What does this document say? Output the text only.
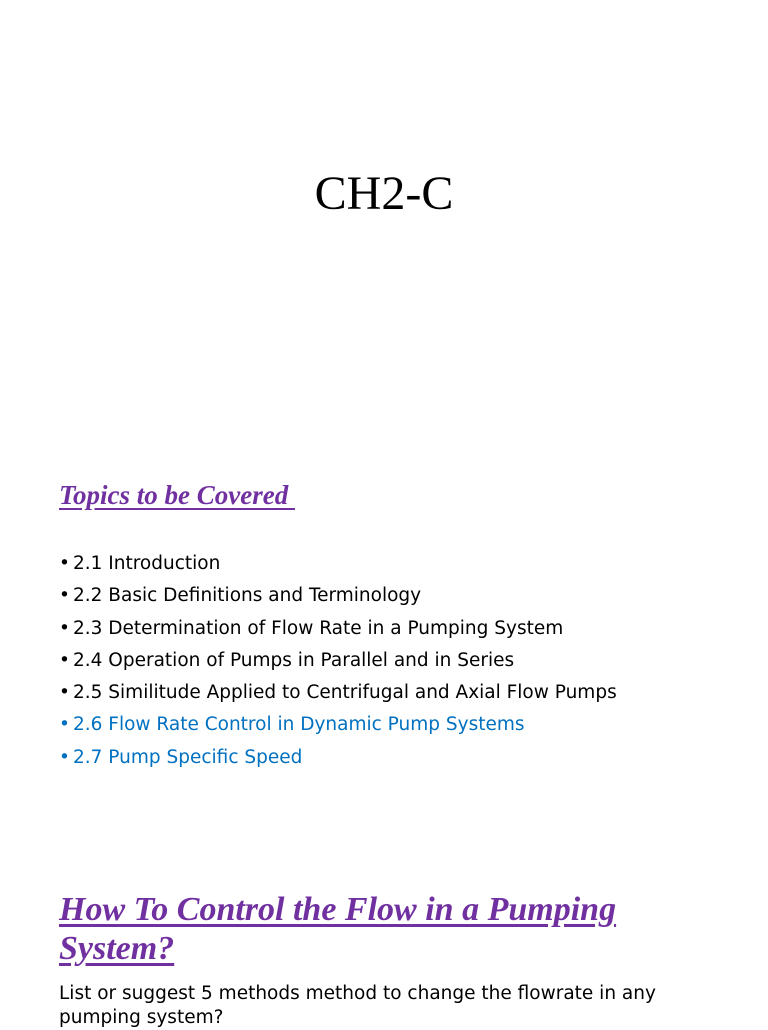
CH2-C
Topics to be Covered
• 2.1 Introduction
• 2.2 Basic Definitions and Terminology
• 2.3 Determination of Flow Rate in a Pumping System
• 2.4 Operation of Pumps in Parallel and in Series
• 2.5 Similitude Applied to Centrifugal and Axial Flow Pumps
• 2.6 Flow Rate Control in Dynamic Pump Systems
• 2.7 Pump Specific Speed
How To Control the Flow in a Pumping System?
List or suggest 5 methods method to change the flowrate in any pumping system?
